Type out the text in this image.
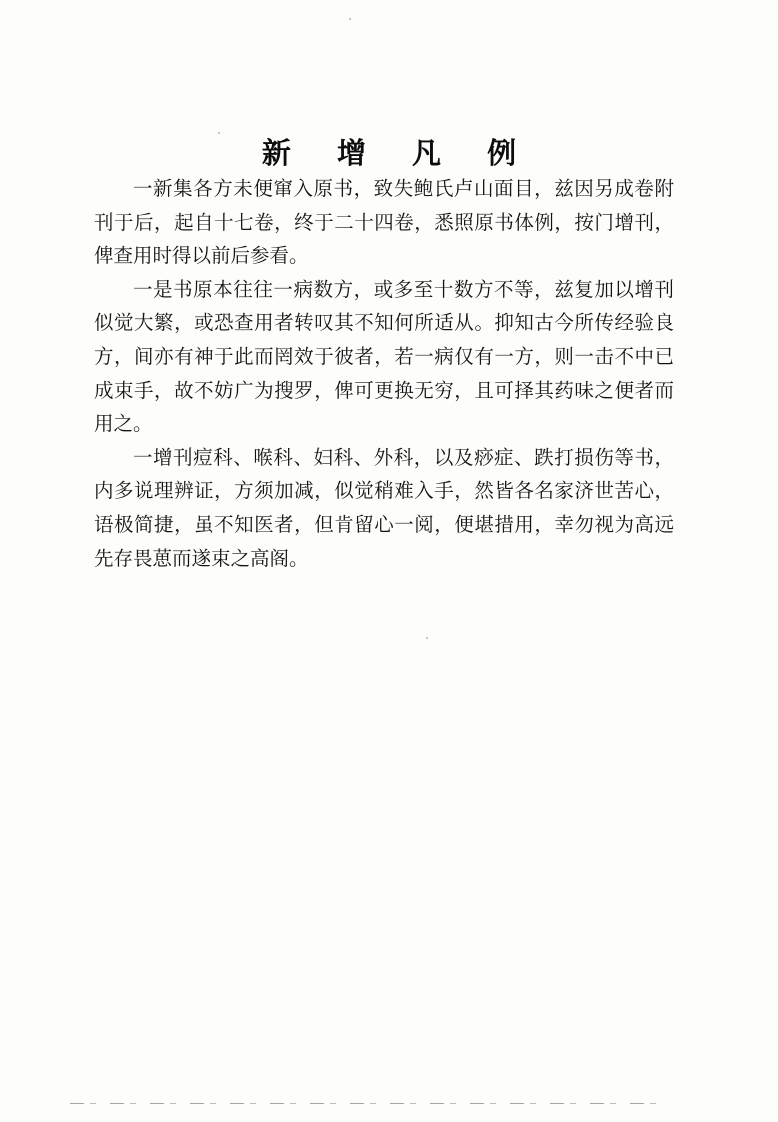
新 增 凡 例

一新集各方未便窜入原书，致失鲍氏卢山面目，兹因另成卷附刊于后，起自十七卷，终于二十四卷，悉照原书体例，按门增刊，俾查用时得以前后参看。

一是书原本往往一病数方，或多至十数方不等，兹复加以增刊似觉大繁，或恐查用者转叹其不知何所适从。抑知古今所传经验良方，间亦有神于此而罔效于彼者，若一病仅有一方，则一击不中已成束手，故不妨广为搜罗，俾可更换无穷，且可择其药味之便者而用之。

一增刊痘科、喉科、妇科、外科，以及痧症、跌打损伤等书，内多说理辨证，方须加减，似觉稍难入手，然皆各名家济世苦心，语极简捷，虽不知医者，但肯留心一阅，便堪措用，幸勿视为高远先存畏葸而遂束之高阁。
